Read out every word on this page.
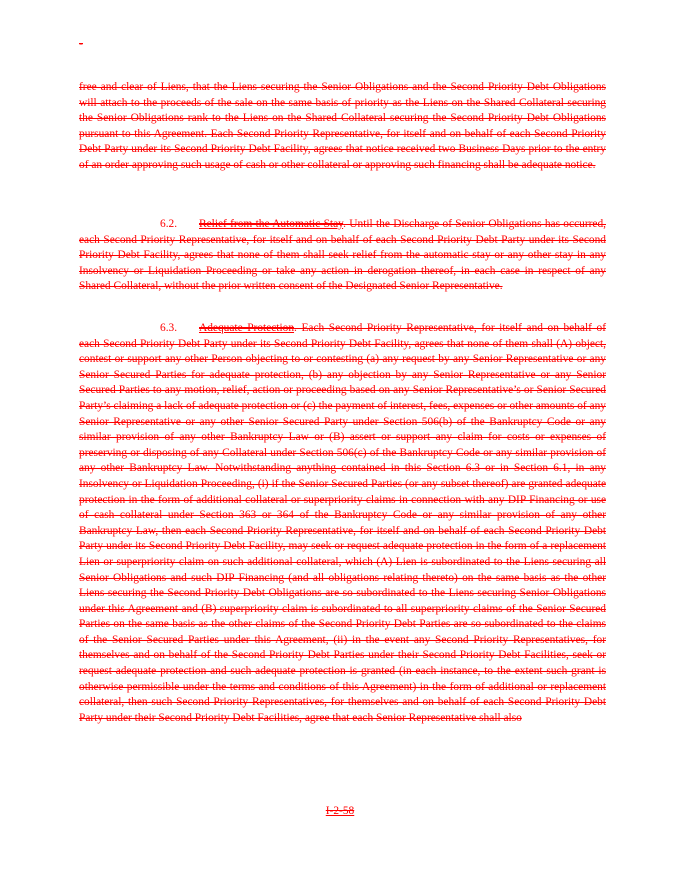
-

free and clear of Liens, that the Liens securing the Senior Obligations and the Second Priority Debt Obligations will attach to the proceeds of the sale on the same basis of priority as the Liens on the Shared Collateral securing the Senior Obligations rank to the Liens on the Shared Collateral securing the Second Priority Debt Obligations pursuant to this Agreement. Each Second Priority Representative, for itself and on behalf of each Second Priority Debt Party under its Second Priority Debt Facility, agrees that notice received two Business Days prior to the entry of an order approving such usage of cash or other collateral or approving such financing shall be adequate notice.

6.2. Relief from the Automatic Stay. Until the Discharge of Senior Obligations has occurred, each Second Priority Representative, for itself and on behalf of each Second Priority Debt Party under its Second Priority Debt Facility, agrees that none of them shall seek relief from the automatic stay or any other stay in any Insolvency or Liquidation Proceeding or take any action in derogation thereof, in each case in respect of any Shared Collateral, without the prior written consent of the Designated Senior Representative.

6.3. Adequate Protection. Each Second Priority Representative, for itself and on behalf of each Second Priority Debt Party under its Second Priority Debt Facility, agrees that none of them shall (A) object, contest or support any other Person objecting to or contesting (a) any request by any Senior Representative or any Senior Secured Parties for adequate protection, (b) any objection by any Senior Representative or any Senior Secured Parties to any motion, relief, action or proceeding based on any Senior Representative’s or Senior Secured Party’s claiming a lack of adequate protection or (c) the payment of interest, fees, expenses or other amounts of any Senior Representative or any other Senior Secured Party under Section 506(b) of the Bankruptcy Code or any similar provision of any other Bankruptcy Law or (B) assert or support any claim for costs or expenses of preserving or disposing of any Collateral under Section 506(c) of the Bankruptcy Code or any similar provision of any other Bankruptcy Law. Notwithstanding anything contained in this Section 6.3 or in Section 6.1, in any Insolvency or Liquidation Proceeding, (i) if the Senior Secured Parties (or any subset thereof) are granted adequate protection in the form of additional collateral or superpriority claims in connection with any DIP Financing or use of cash collateral under Section 363 or 364 of the Bankruptcy Code or any similar provision of any other Bankruptcy Law, then each Second Priority Representative, for itself and on behalf of each Second Priority Debt Party under its Second Priority Debt Facility, may seek or request adequate protection in the form of a replacement Lien or superpriority claim on such additional collateral, which (A) Lien is subordinated to the Liens securing all Senior Obligations and such DIP Financing (and all obligations relating thereto) on the same basis as the other Liens securing the Second Priority Debt Obligations are so subordinated to the Liens securing Senior Obligations under this Agreement and (B) superpriority claim is subordinated to all superpriority claims of the Senior Secured Parties on the same basis as the other claims of the Second Priority Debt Parties are so subordinated to the claims of the Senior Secured Parties under this Agreement, (ii) in the event any Second Priority Representatives, for themselves and on behalf of the Second Priority Debt Parties under their Second Priority Debt Facilities, seek or request adequate protection and such adequate protection is granted (in each instance, to the extent such grant is otherwise permissible under the terms and conditions of this Agreement) in the form of additional or replacement collateral, then such Second Priority Representatives, for themselves and on behalf of each Second Priority Debt Party under their Second Priority Debt Facilities, agree that each Senior Representative shall also

I-2-58
